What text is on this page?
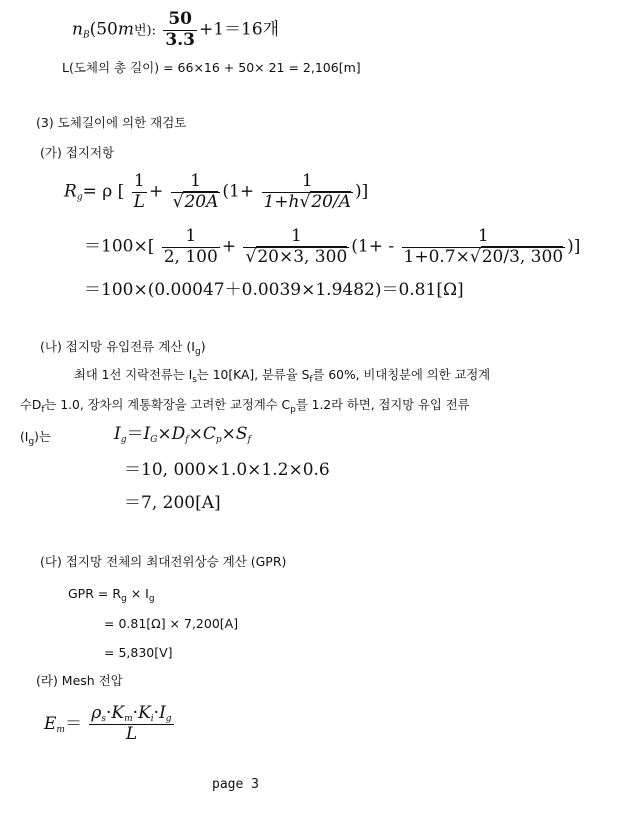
$n_B(50m$번): $\frac{50}{3.3} +1=16$개
L(도체의 총 길이) = 66×16 + 50× 21 = 2,106[m]
(3) 도체길이에 의한 재검토
(가) 접지저항
$R_g= \rho$ [ $\frac{1}{L} + \frac{1}{√20A} (1+ \frac{1}{1+h√20/A}$ )]
$=100\times[ \frac{1}{2, 100} + \frac{1}{√20\times 3, 300} (1+ - \frac{1}{1+0.7\times√20/3, 300}$ )]
＝100×(0.00047＋0.0039×1.9482)＝0.81[Ω]
(나) 접지망 유입전류 계산 $(I_g)$
최대 1선 지락전류는 $I_s$는 10[KA], 분류율 $S_f$를 60%, 비대칭분에 의한 교정계
수$D_f$는 1.0, 장차의 계통확장을 고려한 교정계수 $C_p$를 1.2라 하면, 접지망 유입 전류
$(I_g)$는	$I_g=I_G\times D_f\times C_p\times S_f$
＝10, 000×1.0×1.2×0.6
＝7, 200[A]
(다) 접지망 전체의 최대전위상승 계산 (GPR)
GPR = $R_g \times I_g$
= 0.81[Ω] × 7,200[A]
= 5,830[V]
(라) Mesh 전압
$E_m= \frac{\rho_s\cdot K_m\cdot K_i\cdot I_g}{L}$
page 3
